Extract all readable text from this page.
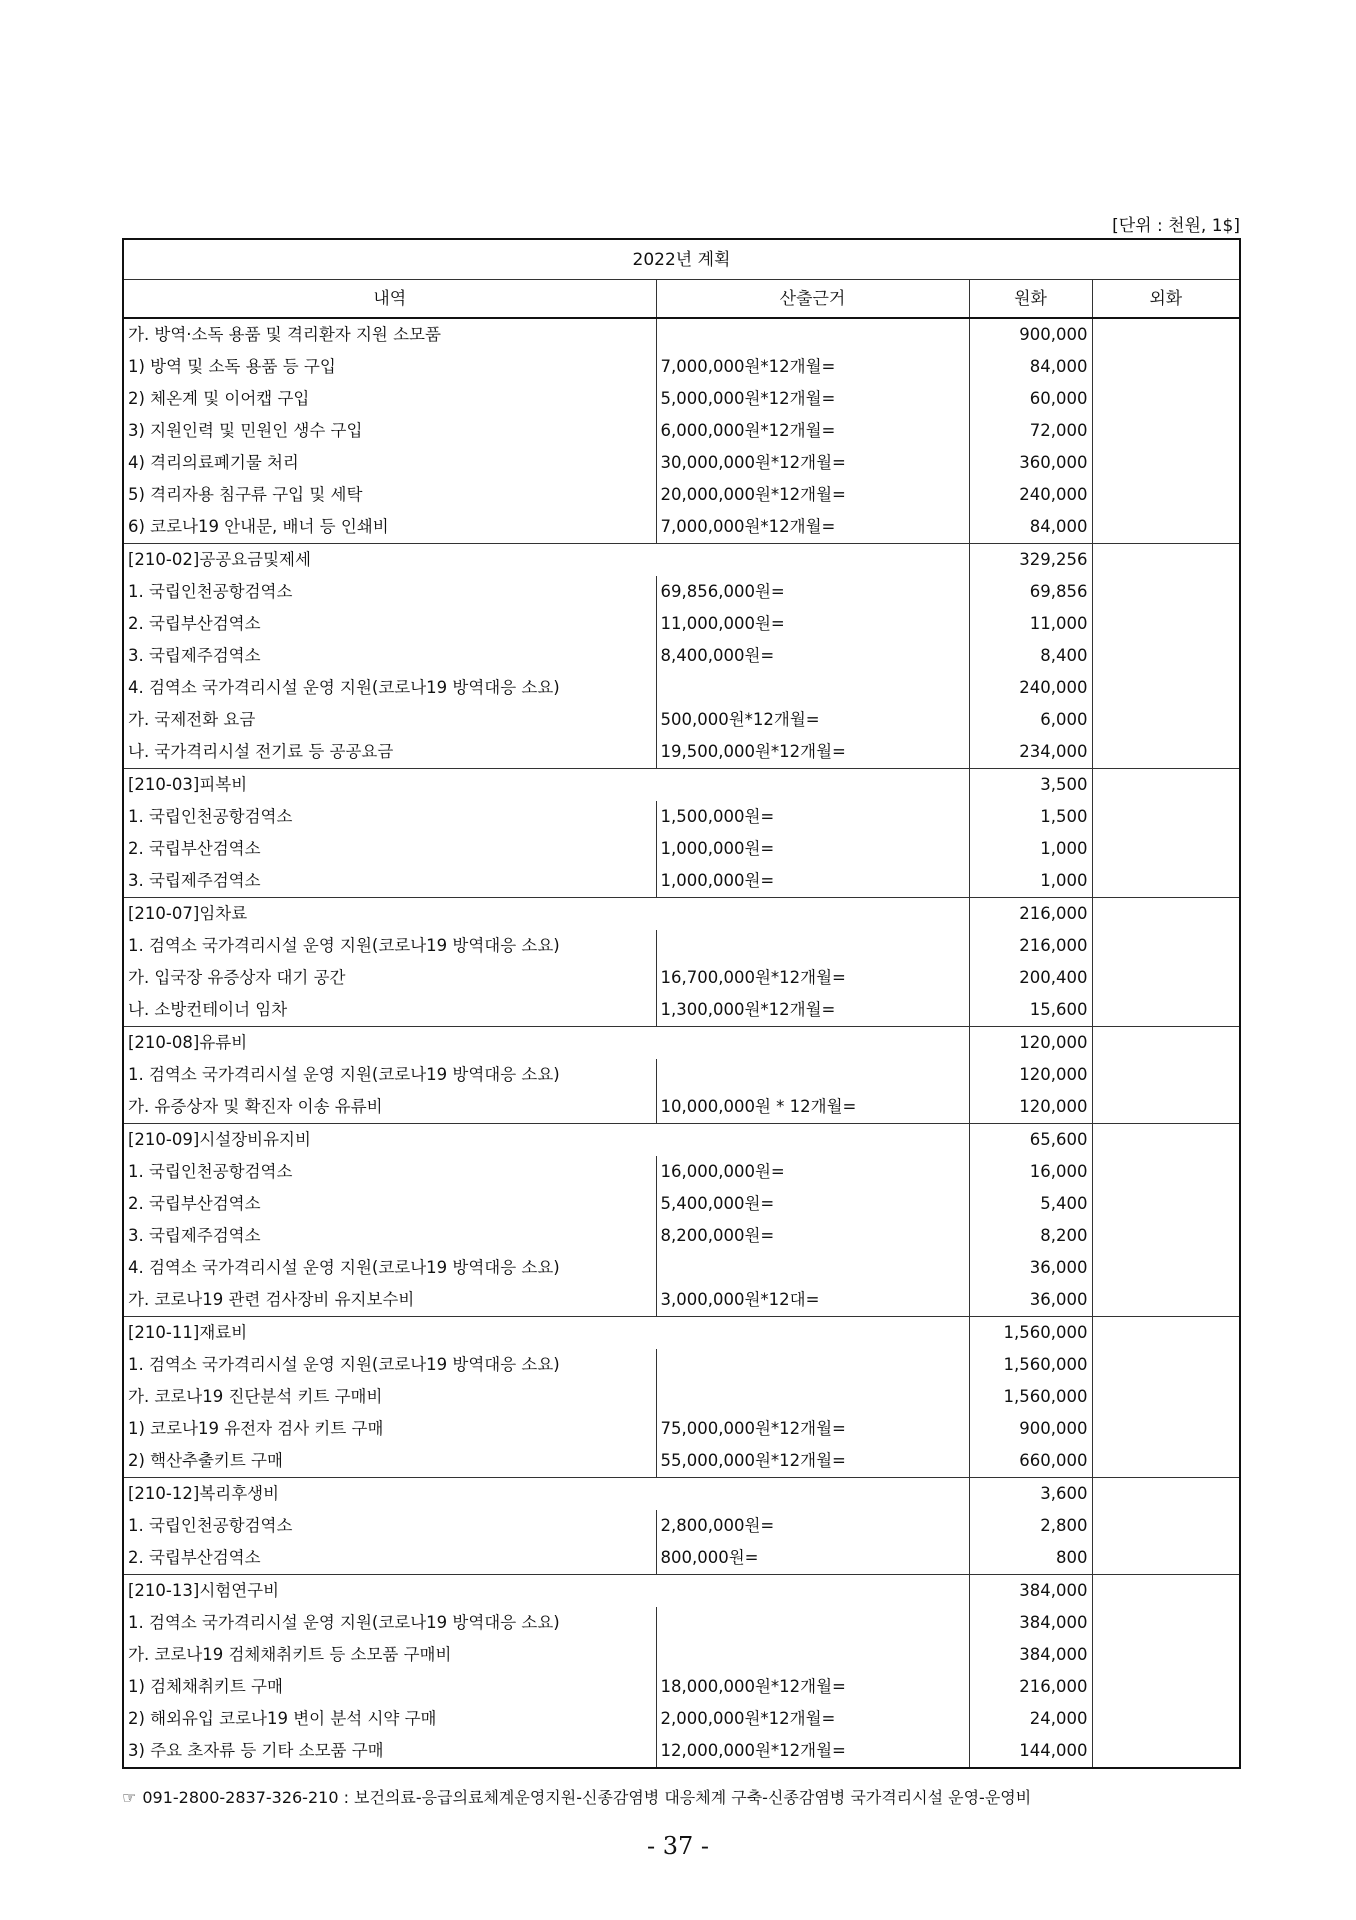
[단위 : 천원, 1$]
2022년 계획			
내역	산출근거	원화	외화
가. 방역·소독 용품 및 격리환자 지원 소모품		900,000	
1) 방역 및 소독 용품 등 구입	7,000,000원*12개월=	84,000	
2) 체온계 및 이어캡 구입	5,000,000원*12개월=	60,000	
3) 지원인력 및 민원인 생수 구입	6,000,000원*12개월=	72,000	
4) 격리의료폐기물 처리	30,000,000원*12개월=	360,000	
5) 격리자용 침구류 구입 및 세탁	20,000,000원*12개월=	240,000	
6) 코로나19 안내문, 배너 등 인쇄비	7,000,000원*12개월=	84,000	
[210-02]공공요금및제세		329,256	
1. 국립인천공항검역소	69,856,000원=	69,856	
2. 국립부산검역소	11,000,000원=	11,000	
3. 국립제주검역소	8,400,000원=	8,400	
4. 검역소 국가격리시설 운영 지원(코로나19 방역대응 소요)		240,000	
가. 국제전화 요금	500,000원*12개월=	6,000	
나. 국가격리시설 전기료 등 공공요금	19,500,000원*12개월=	234,000	
[210-03]피복비		3,500	
1. 국립인천공항검역소	1,500,000원=	1,500	
2. 국립부산검역소	1,000,000원=	1,000	
3. 국립제주검역소	1,000,000원=	1,000	
[210-07]임차료		216,000	
1. 검역소 국가격리시설 운영 지원(코로나19 방역대응 소요)		216,000	
가. 입국장 유증상자 대기 공간	16,700,000원*12개월=	200,400	
나. 소방컨테이너 임차	1,300,000원*12개월=	15,600	
[210-08]유류비		120,000	
1. 검역소 국가격리시설 운영 지원(코로나19 방역대응 소요)		120,000	
가. 유증상자 및 확진자 이송 유류비	10,000,000원 * 12개월=	120,000	
[210-09]시설장비유지비		65,600	
1. 국립인천공항검역소	16,000,000원=	16,000	
2. 국립부산검역소	5,400,000원=	5,400	
3. 국립제주검역소	8,200,000원=	8,200	
4. 검역소 국가격리시설 운영 지원(코로나19 방역대응 소요)		36,000	
가. 코로나19 관련 검사장비 유지보수비	3,000,000원*12대=	36,000	
[210-11]재료비		1,560,000	
1. 검역소 국가격리시설 운영 지원(코로나19 방역대응 소요)		1,560,000	
가. 코로나19 진단분석 키트 구매비		1,560,000	
1) 코로나19 유전자 검사 키트 구매	75,000,000원*12개월=	900,000	
2) 핵산추출키트 구매	55,000,000원*12개월=	660,000	
[210-12]복리후생비		3,600	
1. 국립인천공항검역소	2,800,000원=	2,800	
2. 국립부산검역소	800,000원=	800	
[210-13]시험연구비		384,000	
1. 검역소 국가격리시설 운영 지원(코로나19 방역대응 소요)		384,000	
가. 코로나19 검체채취키트 등 소모품 구매비		384,000	
1) 검체채취키트 구매	18,000,000원*12개월=	216,000	
2) 해외유입 코로나19 변이 분석 시약 구매	2,000,000원*12개월=	24,000	
3) 주요 초자류 등 기타 소모품 구매	12,000,000원*12개월=	144,000	
☞ 091-2800-2837-326-210 : 보건의료-응급의료체계운영지원-신종감염병 대응체계 구축-신종감염병 국가격리시설 운영-운영비
- 37 -
